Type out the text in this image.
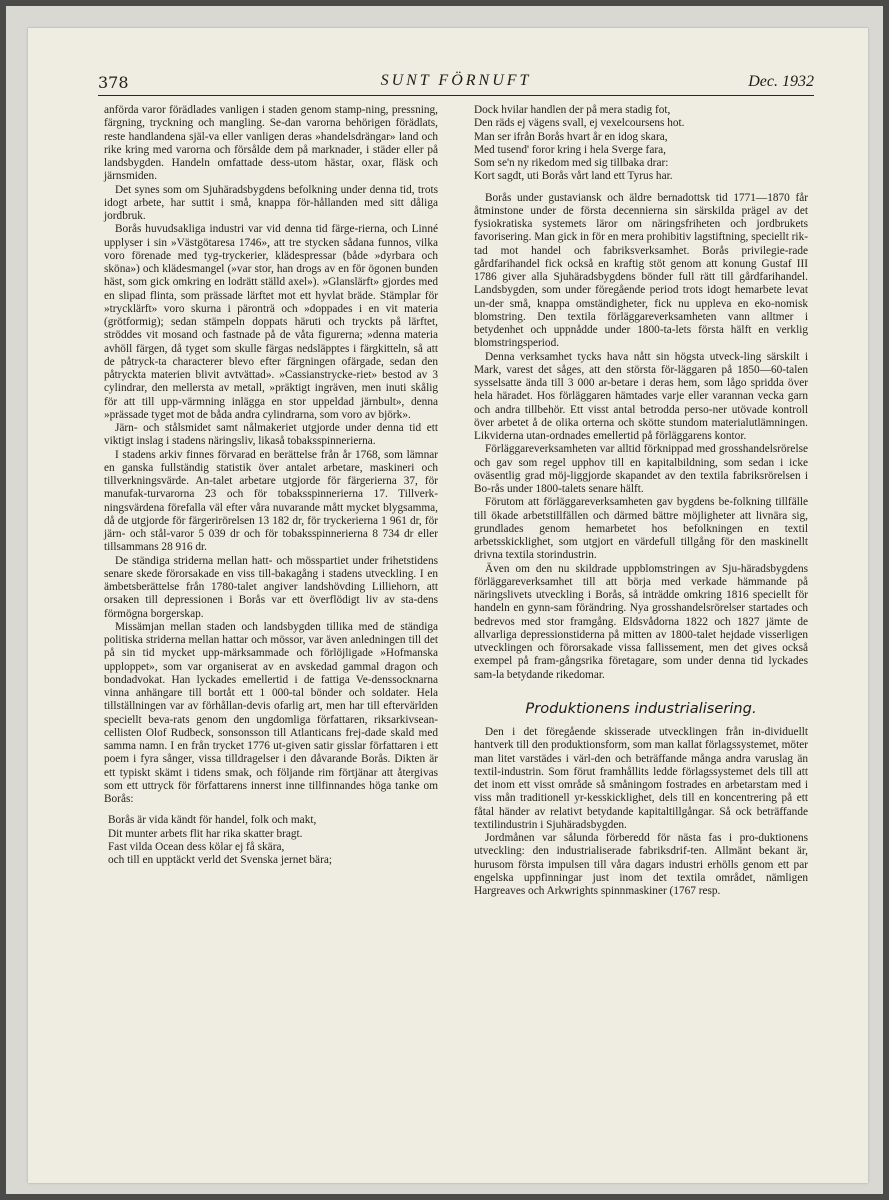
378	SUNT FÖRNUFT	Dec. 1932

anförda varor förädlades vanligen i staden genom stamp-ning, pressning, färgning, tryckning och mangling. Se-dan varorna behörigen förädlats, reste handlandena själ-va eller vanligen deras »handelsdrängar» land och rike kring med varorna och försålde dem på marknader, i städer eller på landsbygden. Handeln omfattade dess-utom hästar, oxar, fläsk och järnsmiden.

Det synes som om Sjuhäradsbygdens befolkning under denna tid, trots idogt arbete, har suttit i små, knappa för-hållanden med sitt dåliga jordbruk.

Borås huvudsakliga industri var vid denna tid färge-rierna, och Linné upplyser i sin »Västgötaresa 1746», att tre stycken sådana funnos, vilka voro förenade med tyg-tryckerier, klädespressar (både »dyrbara och sköna») och klädesmangel (»var stor, han drogs av en för ögonen bunden häst, som gick omkring en lodrätt ställd axel»). »Glanslärft» gjordes med en slipad flinta, som prässade lärftet mot ett hyvlat bräde. Stämplar för »trycklärft» voro skurna i päronträ och »doppades i en vit materia (grötformig); sedan stämpeln doppats häruti och tryckts på lärftet, ströddes vit mosand och fastnade på de våta figurerna; »denna materia avhöll färgen, då tyget som skulle färgas nedsläpptes i färgkitteln, så att de påtryck-ta characterer blevo efter färgningen ofärgade, sedan den påtryckta materien blivit avtvättad». »Cassianstrycke-riet» bestod av 3 cylindrar, den mellersta av metall, »präktigt ingräven, men inuti skålig för att till upp-värmning inlägga en stor uppeldad järnbult», denna »prässade tyget mot de båda andra cylindrarna, som voro av björk».

Järn- och stålsmidet samt nålmakeriet utgjorde under denna tid ett viktigt inslag i stadens näringsliv, likaså tobaksspinnerierna.

I stadens arkiv finnes förvarad en berättelse från år 1768, som lämnar en ganska fullständig statistik över antalet arbetare, maskineri och tillverkningsvärde. An-talet arbetare utgjorde för färgerierna 37, för manufak-turvarorna 23 och för tobaksspinnerierna 17. Tillverk-ningsvärdena förefalla väl efter våra nuvarande mått mycket blygsamma, då de utgjorde för färgerirörelsen 13 182 dr, för tryckerierna 1 961 dr, för järn- och stål-varor 5 039 dr och för tobaksspinnerierna 8 734 dr eller tillsammans 28 916 dr.

De ständiga striderna mellan hatt- och mösspartiet under frihetstidens senare skede förorsakade en viss till-bakagång i stadens utveckling. I en ämbetsberättelse från 1780-talet angiver landshövding Lilliehorn, att orsaken till depressionen i Borås var ett överflödigt liv av sta-dens förmögna borgerskap.

Missämjan mellan staden och landsbygden tillika med de ständiga politiska striderna mellan hattar och mössor, var även anledningen till det på sin tid mycket upp-märksammade och förlöjligade »Hofmanska upploppet», som var organiserat av en avskedad gammal dragon och bondadvokat. Han lyckades emellertid i de fattiga Ve-denssocknarna vinna anhängare till bortåt ett 1 000-tal bönder och soldater. Hela tillställningen var av förhållan-devis ofarlig art, men har till eftervärlden speciellt beva-rats genom den ungdomliga författaren, riksarkivsean-cellisten Olof Rudbeck, sonsonsson till Atlanticans frej-dade skald med samma namn. I en från trycket 1776 ut-given satir gisslar författaren i ett poem i fyra sånger, vissa tilldragelser i den dåvarande Borås. Dikten är ett typiskt skämt i tidens smak, och följande rim förtjänar att återgivas som ett uttryck för författarens innerst inne tillfinnandes höga tanke om Borås:

Borås är vida kändt för handel, folk och makt,
Dit munter arbets flit har rika skatter bragt.
Fast vilda Ocean dess kölar ej få skära,
och till en upptäckt verld det Svenska jernet bära;
Dock hvilar handlen der på mera stadig fot,
Den räds ej vägens svall, ej vexelcoursens hot.
Man ser ifrån Borås hvart år en idog skara,
Med tusend' foror kring i hela Sverge fara,
Som se'n ny rikedom med sig tillbaka drar:
Kort sagdt, uti Borås vårt land ett Tyrus har.

Borås under gustaviansk och äldre bernadottsk tid 1771—1870 får åtminstone under de första decennierna sin särskilda prägel av det fysiokratiska systemets läror om näringsfriheten och jordbrukets favorisering. Man gick in för en mera prohibitiv lagstiftning, speciellt rik-tad mot handel och fabriksverksamhet. Borås privilegie-rade gårdfarihandel fick också en kraftig stöt genom att konung Gustaf III 1786 giver alla Sjuhäradsbygdens bönder full rätt till gårdfarihandel. Landsbygden, som under föregående period trots idogt hemarbete levat un-der små, knappa omständigheter, fick nu uppleva en eko-nomisk blomstring. Den textila förläggareverksamheten vann alltmer i betydenhet och uppnådde under 1800-ta-lets första hälft en verklig blomstringsperiod.

Denna verksamhet tycks hava nått sin högsta utveck-ling särskilt i Mark, varest det såges, att den största för-läggaren på 1850—60-talen sysselsatte ända till 3 000 ar-betare i deras hem, som lågo spridda över hela häradet. Hos förläggaren hämtades varje eller varannan vecka garn och andra tillbehör. Ett visst antal betrodda perso-ner utövade kontroll över arbetet å de olika orterna och skötte stundom materialutlämningen. Likviderna utan-ordnades emellertid på förläggarens kontor.

Förläggareverksamheten var alltid förknippad med grosshandelsrörelse och gav som regel upphov till en kapitalbildning, som sedan i icke oväsentlig grad möj-liggjorde skapandet av den textila fabriksrörelsen i Bo-rås under 1800-talets senare hälft.

Förutom att förläggareverksamheten gav bygdens be-folkning tillfälle till ökade arbetstillfällen och därmed bättre möjligheter att livnära sig, grundlades genom hemarbetet hos befolkningen en textil arbetsskicklighet, som utgjort en värdefull tillgång för den maskinellt drivna textila storindustrin.

Även om den nu skildrade uppblomstringen av Sju-häradsbygdens förläggareverksamhet till att börja med verkade hämmande på näringslivets utveckling i Borås, så inträdde omkring 1816 speciellt för handeln en gynn-sam förändring. Nya grosshandelsrörelser startades och bedrevos med stor framgång. Eldsvådorna 1822 och 1827 jämte de allvarliga depressionstiderna på mitten av 1800-talet hejdade visserligen utvecklingen och förorsakade vissa fallissement, men det gives också exempel på fram-gångsrika företagare, som under denna tid lyckades sam-la betydande rikedomar.

Produktionens industrialisering.

Den i det föregående skisserade utvecklingen från in-dividuellt hantverk till den produktionsform, som man kallat förlagssystemet, möter man litet varstädes i värl-den och beträffande många andra varuslag än textil-industrin. Som förut framhållits ledde förlagssystemet dels till att det inom ett visst område så småningom fostrades en arbetarstam med i viss mån traditionell yr-kesskicklighet, dels till en koncentrering på ett fåtal händer av relativt betydande kapitaltillgångar. Så ock beträffande textilindustrin i Sjuhäradsbygden.

Jordmånen var sålunda förberedd för nästa fas i pro-duktionens utveckling: den industrialiserade fabriksdrif-ten. Allmänt bekant är, hurusom första impulsen till våra dagars industri erhölls genom ett par engelska uppfinningar just inom det textila området, nämligen Hargreaves och Arkwrights spinnmaskiner (1767 resp.
